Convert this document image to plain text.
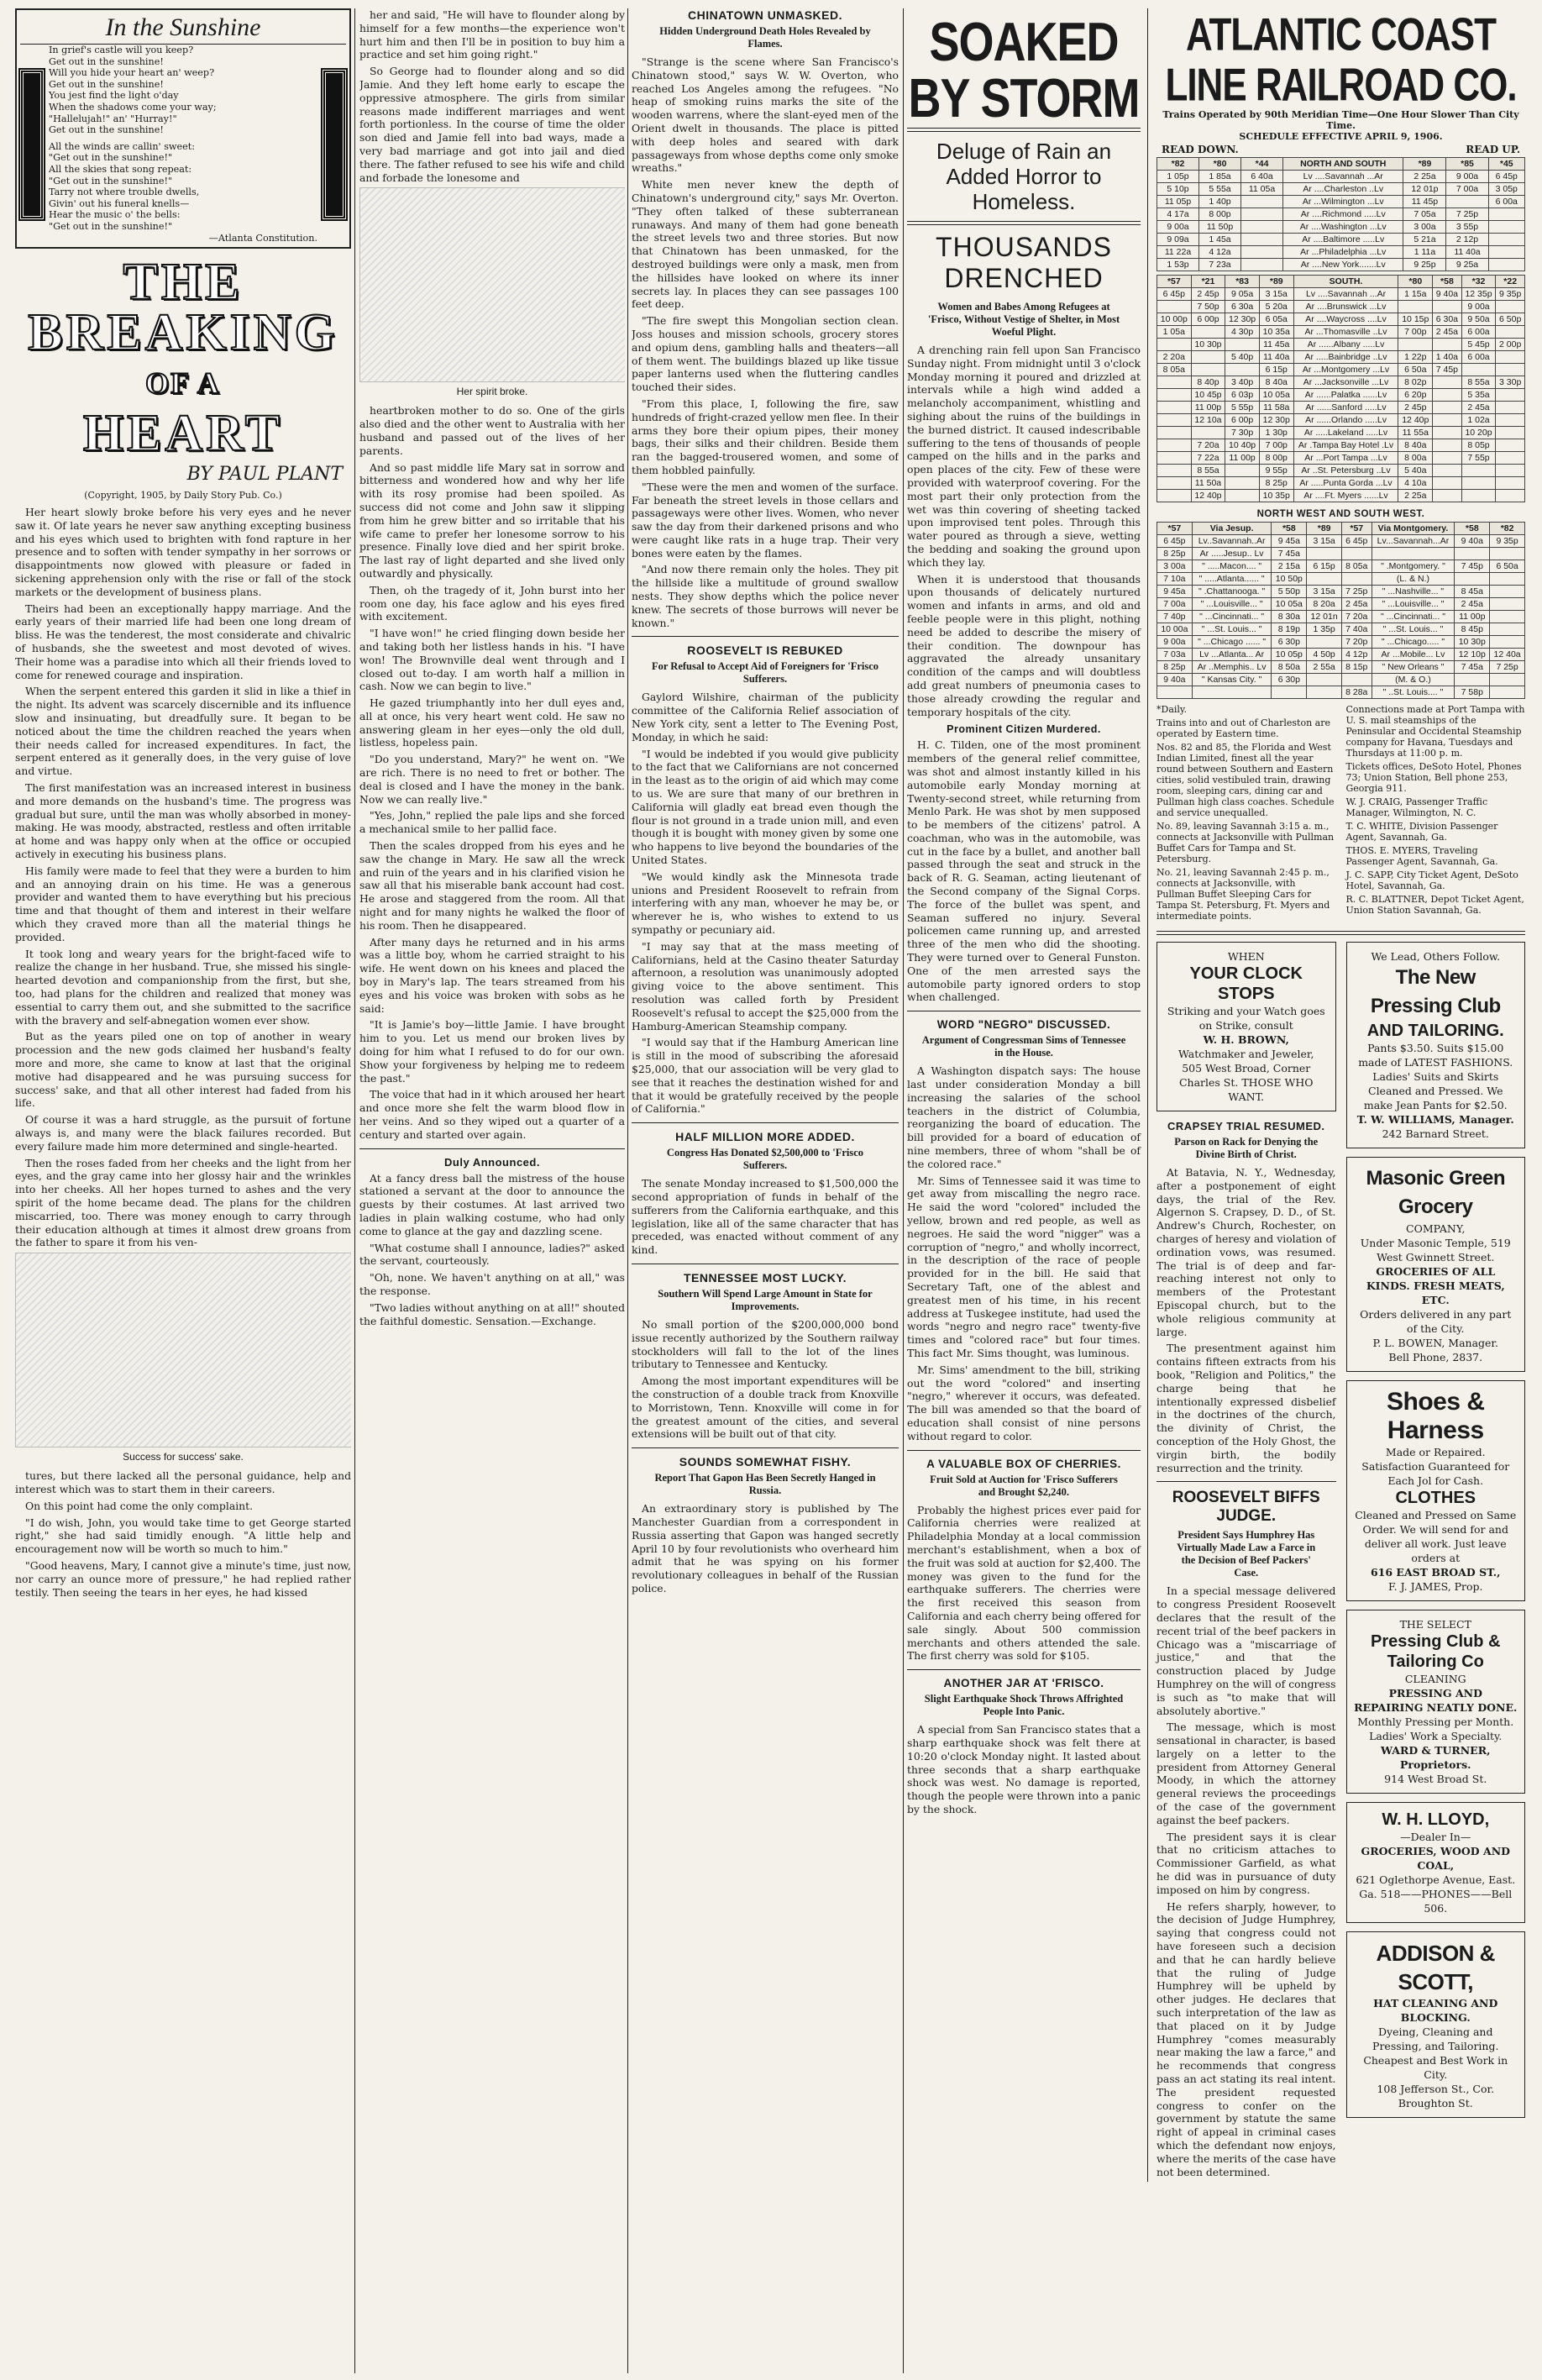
In the Sunshine
In grief's castle will you keep?
Get out in the sunshine!
Will you hide your heart an' weep?
Get out in the sunshine!
You jest find the light o'day
When the shadows come your way;
"Hallelujah!" an' "Hurray!"
Get out in the sunshine!
All the winds are callin' sweet:
"Get out in the sunshine!"
All the skies that song repeat:
"Get out in the sunshine!"
Tarry not where trouble dwells,
Givin' out his funeral knells—
Hear the music o' the bells:
"Get out in the sunshine!"
—Atlanta Constitution.
THE BREAKING
OF A
HEART
BY PAUL PLANT
(Copyright, 1905, by Daily Story Pub. Co.)

Her heart slowly broke before his very eyes and he never saw it. Of late years he never saw anything excepting business and his eyes which used to brighten with fond rapture in her presence and to soften with tender sympathy in her sorrows or disappointments now glowed with pleasure or faded in sickening apprehension only with the rise or fall of the stock markets or the development of business plans.

Theirs had been an exceptionally happy marriage. And the early years of their married life had been one long dream of bliss. He was the tenderest, the most considerate and chivalric of husbands, she the sweetest and most devoted of wives. Their home was a paradise into which all their friends loved to come for renewed courage and inspiration.

When the serpent entered this garden it slid in like a thief in the night. Its advent was scarcely discernible and its influence slow and insinuating, but dreadfully sure. It began to be noticed about the time the children reached the years when their needs called for increased expenditures. In fact, the serpent entered as it generally does, in the very guise of love and virtue.

The first manifestation was an increased interest in business and more demands on the husband's time. The progress was gradual but sure, until the man was wholly absorbed in money-making. He was moody, abstracted, restless and often irritable at home and was happy only when at the office or occupied actively in executing his business plans.

His family were made to feel that they were a burden to him and an annoying drain on his time. He was a generous provider and wanted them to have everything but his precious time and that thought of them and interest in their welfare which they craved more than all the material things he provided.

It took long and weary years for the bright-faced wife to realize the change in her husband. True, she missed his single-hearted devotion and companionship from the first, but she, too, had plans for the children and realized that money was essential to carry them out, and she submitted to the sacrifice with the bravery and self-abnegation women ever show.

But as the years piled one on top of another in weary procession and the new gods claimed her husband's fealty more and more, she came to know at last that the original motive had disappeared and he was pursuing success for success' sake, and that all other interest had faded from his life.

Of course it was a hard struggle, as the pursuit of fortune always is, and many were the black failures recorded. But every failure made him more determined and single-hearted.

Then the roses faded from her cheeks and the light from her eyes, and the gray came into her glossy hair and the wrinkles into her cheeks. All her hopes turned to ashes and the very spirit of the home became dead. The plans for the children miscarried, too. There was money enough to carry through their education although at times it almost drew groans from the father to spare it from his ven-

Success for success' sake.

tures, but there lacked all the personal guidance, help and interest which was to start them in their careers.

On this point had come the only complaint.

"I do wish, John, you would take time to get George started right," she had said timidly enough. "A little help and encouragement now will be worth so much to him."

"Good heavens, Mary, I cannot give a minute's time, just now, nor carry an ounce more of pressure," he had replied rather testily. Then seeing the tears in her eyes, he had kissed

her and said, "He will have to flounder along by himself for a few months—the experience won't hurt him and then I'll be in position to buy him a practice and set him going right."

So George had to flounder along and so did Jamie. And they left home early to escape the oppressive atmosphere. The girls from similar reasons made indifferent marriages and went forth portionless. In the course of time the older son died and Jamie fell into bad ways, made a very bad marriage and got into jail and died there. The father refused to see his wife and child and forbade the lonesome and

Her spirit broke.

heartbroken mother to do so. One of the girls also died and the other went to Australia with her husband and passed out of the lives of her parents.

And so past middle life Mary sat in sorrow and bitterness and wondered how and why her life with its rosy promise had been spoiled. As success did not come and John saw it slipping from him he grew bitter and so irritable that his wife came to prefer her lonesome sorrow to his presence. Finally love died and her spirit broke. The last ray of light departed and she lived only outwardly and physically.

Then, oh the tragedy of it, John burst into her room one day, his face aglow and his eyes fired with excitement.

"I have won!" he cried flinging down beside her and taking both her listless hands in his. "I have won! The Brownville deal went through and I closed out to-day. I am worth half a million in cash. Now we can begin to live."

He gazed triumphantly into her dull eyes and, all at once, his very heart went cold. He saw no answering gleam in her eyes—only the old dull, listless, hopeless pain.

"Do you understand, Mary?" he went on. "We are rich. There is no need to fret or bother. The deal is closed and I have the money in the bank. Now we can really live."

"Yes, John," replied the pale lips and she forced a mechanical smile to her pallid face.

Then the scales dropped from his eyes and he saw the change in Mary. He saw all the wreck and ruin of the years and in his clarified vision he saw all that his miserable bank account had cost. He arose and staggered from the room. All that night and for many nights he walked the floor of his room. Then he disappeared.

After many days he returned and in his arms was a little boy, whom he carried straight to his wife. He went down on his knees and placed the boy in Mary's lap. The tears streamed from his eyes and his voice was broken with sobs as he said:

"It is Jamie's boy—little Jamie. I have brought him to you. Let us mend our broken lives by doing for him what I refused to do for our own. Show your forgiveness by helping me to redeem the past."

The voice that had in it which aroused her heart and once more she felt the warm blood flow in her veins. And so they wiped out a quarter of a century and started over again.

Duly Announced.

At a fancy dress ball the mistress of the house stationed a servant at the door to announce the guests by their costumes. At last arrived two ladies in plain walking costume, who had only come to glance at the gay and dazzling scene.

"What costume shall I announce, ladies?" asked the servant, courteously.

"Oh, none. We haven't anything on at all," was the response.

"Two ladies without anything on at all!" shouted the faithful domestic. Sensation.—Exchange.

CHINATOWN UNMASKED.
Hidden Underground Death Holes Revealed by Flames.

"Strange is the scene where San Francisco's Chinatown stood," says W. W. Overton, who reached Los Angeles among the refugees. "No heap of smoking ruins marks the site of the wooden warrens, where the slant-eyed men of the Orient dwelt in thousands. The place is pitted with deep holes and seared with dark passageways from whose depths come only smoke wreaths."

White men never knew the depth of Chinatown's underground city," says Mr. Overton. "They often talked of these subterranean runaways. And many of them had gone beneath the street levels two and three stories. But now that Chinatown has been unmasked, for the destroyed buildings were only a mask, men from the hillsides have looked on where its inner secrets lay. In places they can see passages 100 feet deep.

"The fire swept this Mongolian section clean. Joss houses and mission schools, grocery stores and opium dens, gambling halls and theaters—all of them went. The buildings blazed up like tissue paper lanterns used when the fluttering candles touched their sides.

"From this place, I, following the fire, saw hundreds of fright-crazed yellow men flee. In their arms they bore their opium pipes, their money bags, their silks and their children. Beside them ran the bagged-trousered women, and some of them hobbled painfully.

"These were the men and women of the surface. Far beneath the street levels in those cellars and passageways were other lives. Women, who never saw the day from their darkened prisons and who were caught like rats in a huge trap. Their very bones were eaten by the flames.

"And now there remain only the holes. They pit the hillside like a multitude of ground swallow nests. They show depths which the police never knew. The secrets of those burrows will never be known."

ROOSEVELT IS REBUKED
For Refusal to Accept Aid of Foreigners for 'Frisco Sufferers.

Gaylord Wilshire, chairman of the publicity committee of the California Relief association of New York city, sent a letter to The Evening Post, Monday, in which he said:

"I would be indebted if you would give publicity to the fact that we Californians are not concerned in the least as to the origin of aid which may come to us. We are sure that many of our brethren in California will gladly eat bread even though the flour is not ground in a trade union mill, and even though it is bought with money given by some one who happens to live beyond the boundaries of the United States.

"We would kindly ask the Minnesota trade unions and President Roosevelt to refrain from interfering with any man, whoever he may be, or wherever he is, who wishes to extend to us sympathy or pecuniary aid.

"I may say that at the mass meeting of Californians, held at the Casino theater Saturday afternoon, a resolution was unanimously adopted giving voice to the above sentiment. This resolution was called forth by President Roosevelt's refusal to accept the $25,000 from the Hamburg-American Steamship company.

"I would say that if the Hamburg American line is still in the mood of subscribing the aforesaid $25,000, that our association will be very glad to see that it reaches the destination wished for and that it would be gratefully received by the people of California."

HALF MILLION MORE ADDED.
Congress Has Donated $2,500,000 to 'Frisco Sufferers.

The senate Monday increased to $1,500,000 the second appropriation of funds in behalf of the sufferers from the California earthquake, and this legislation, like all of the same character that has preceded, was enacted without comment of any kind.

TENNESSEE MOST LUCKY.
Southern Will Spend Large Amount in State for Improvements.

No small portion of the $200,000,000 bond issue recently authorized by the Southern railway stockholders will fall to the lot of the lines tributary to Tennessee and Kentucky.

Among the most important expenditures will be the construction of a double track from Knoxville to Morristown, Tenn. Knoxville will come in for the greatest amount of the cities, and several extensions will be built out of that city.

SOUNDS SOMEWHAT FISHY.
Report That Gapon Has Been Secretly Hanged in Russia.

An extraordinary story is published by The Manchester Guardian from a correspondent in Russia asserting that Gapon was hanged secretly April 10 by four revolutionists who overheard him admit that he was spying on his former revolutionary colleagues in behalf of the Russian police.

SOAKED BY STORM
Deluge of Rain an Added Horror to Homeless.
THOUSANDS DRENCHED
Women and Babes Among Refugees at 'Frisco, Without Vestige of Shelter, in Most Woeful Plight.

A drenching rain fell upon San Francisco Sunday night. From midnight until 3 o'clock Monday morning it poured and drizzled at intervals while a high wind added a melancholy accompaniment, whistling and sighing about the ruins of the buildings in the burned district. It caused indescribable suffering to the tens of thousands of people camped on the hills and in the parks and open places of the city. Few of these were provided with waterproof covering. For the most part their only protection from the wet was thin covering of sheeting tacked upon improvised tent poles. Through this water poured as through a sieve, wetting the bedding and soaking the ground upon which they lay.

When it is understood that thousands upon thousands of delicately nurtured women and infants in arms, and old and feeble people were in this plight, nothing need be added to describe the misery of their condition. The downpour has aggravated the already unsanitary condition of the camps and will doubtless add great numbers of pneumonia cases to those already crowding the regular and temporary hospitals of the city.

Prominent Citizen Murdered.

H. C. Tilden, one of the most prominent members of the general relief committee, was shot and almost instantly killed in his automobile early Monday morning at Twenty-second street, while returning from Menlo Park. He was shot by men supposed to be members of the citizens' patrol. A coachman, who was in the automobile, was cut in the face by a bullet, and another ball passed through the seat and struck in the back of R. G. Seaman, acting lieutenant of the Second company of the Signal Corps. The force of the bullet was spent, and Seaman suffered no injury. Several policemen came running up, and arrested three of the men who did the shooting. They were turned over to General Funston. One of the men arrested says the automobile party ignored orders to stop when challenged.

WORD "NEGRO" DISCUSSED.
Argument of Congressman Sims of Tennessee in the House.

A Washington dispatch says: The house last under consideration Monday a bill increasing the salaries of the school teachers in the district of Columbia, reorganizing the board of education. The bill provided for a board of education of nine members, three of whom "shall be of the colored race."

Mr. Sims of Tennessee said it was time to get away from miscalling the negro race. He said the word "colored" included the yellow, brown and red people, as well as negroes. He said the word "nigger" was a corruption of "negro," and wholly incorrect, in the description of the race of people provided for in the bill. He said that Secretary Taft, one of the ablest and greatest men of his time, in his recent address at Tuskegee institute, had used the words "negro and negro race" twenty-five times and "colored race" but four times. This fact Mr. Sims thought, was luminous.

Mr. Sims' amendment to the bill, striking out the word "colored" and inserting "negro," wherever it occurs, was defeated. The bill was amended so that the board of education shall consist of nine persons without regard to color.

A VALUABLE BOX OF CHERRIES.
Fruit Sold at Auction for 'Frisco Sufferers and Brought $2,240.

Probably the highest prices ever paid for California cherries were realized at Philadelphia Monday at a local commission merchant's establishment, when a box of the fruit was sold at auction for $2,400. The money was given to the fund for the earthquake sufferers. The cherries were the first received this season from California and each cherry being offered for sale singly. About 500 commission merchants and others attended the sale. The first cherry was sold for $105.

ANOTHER JAR AT 'FRISCO.
Slight Earthquake Shock Throws Affrighted People Into Panic.

A special from San Francisco states that a sharp earthquake shock was felt there at 10:20 o'clock Monday night. It lasted about three seconds that a sharp earthquake shock was west. No damage is reported, though the people were thrown into a panic by the shock.

ATLANTIC COAST LINE RAILROAD CO.
Trains Operated by 90th Meridian Time—One Hour Slower Than City Time.
SCHEDULE EFFECTIVE APRIL 9, 1906.
READ DOWN.	READ UP.
*82	*80	*44	NORTH AND SOUTH	*89	*85	*45
1 05p	1 85a	6 40a	Lv ....Savannah ...Ar	2 25a	9 00a	6 45p
5 10p	5 55a	11 05a	Ar ....Charleston ..Lv	12 01p	7 00a	3 05p
11 05p	1 40p		Ar ...Wilmington ...Lv	11 45p		6 00a
4 17a	8 00p		Ar ....Richmond .....Lv	7 05a	7 25p	
9 00a	11 50p		Ar ....Washington ...Lv	3 00a	3 55p	
9 09a	1 45a		Ar ....Baltimore .....Lv	5 21a	2 12p	
11 22a	4 12a		Ar ...Philadelphia ...Lv	1 11a	11 40a	
1 53p	7 23a		Ar ....New York.......Lv	9 25p	9 25a	
*57	*21	*83	*89	SOUTH.	*80	*58	*32	*22
6 45p	2 45p	9 05a	3 15a	Lv ....Savannah ...Ar	1 15a	9 40a	12 35p	9 35p
	7 50p	6 30a	5 20a	Ar ....Brunswick ...Lv			9 00a	
10 00p	6 00p	12 30p	6 05a	Ar ....Waycross ....Lv	10 15p	6 30a	9 50a	6 50p
1 05a		4 30p	10 35a	Ar ...Thomasville ..Lv	7 00p	2 45a	6 00a	
	10 30p		11 45a	Ar ......Albany .....Lv			5 45p	2 00p
2 20a		5 40p	11 40a	Ar .....Bainbridge ..Lv	1 22p	1 40a	6 00a	
8 05a			6 15p	Ar ...Montgomery ...Lv	6 50a	7 45p		
	8 40p	3 40p	8 40a	Ar ...Jacksonville ...Lv	8 02p		8 55a	3 30p
	10 45p	6 03p	10 05a	Ar ......Palatka ......Lv	6 20p		5 35a	
	11 00p	5 55p	11 58a	Ar ......Sanford .....Lv	2 45p		2 45a	
	12 10a	6 00p	12 30p	Ar ......Orlando .....Lv	12 40p		1 02a	
		7 30p	1 30p	Ar .....Lakeland .....Lv	11 55a		10 20p	
	7 20a	10 40p	7 00p	Ar .Tampa Bay Hotel .Lv	8 40a		8 05p	
	7 22a	11 00p	8 00p	Ar ...Port Tampa ...Lv	8 00a		7 55p	
	8 55a		9 55p	Ar ..St. Petersburg ..Lv	5 40a			
	11 50a		8 25p	Ar .....Punta Gorda ...Lv	4 10a			
	12 40p		10 35p	Ar ....Ft. Myers ......Lv	2 25a			
NORTH WEST AND SOUTH WEST.
*57	Via Jesup.	*58	*89	*57	Via Montgomery.	*58	*82
6 45p	Lv..Savannah..Ar	9 45a	3 15a	6 45p	Lv...Savannah...Ar	9 40a	9 35p
8 25p	Ar .....Jesup.. Lv	7 45a					
3 00a	" .....Macon.... "	2 15a	6 15p	8 05a	" .Montgomery. "	7 45p	6 50a
7 10a	" .....Atlanta...... "	10 50p			(L. & N.)		
9 45a	" .Chattanooga. "	5 50p	3 15a	7 25p	" ...Nashville... "	8 45a	
7 00a	" ...Louisville... "	10 05a	8 20a	2 45a	" ...Louisville... "	2 45a	
7 40p	" ...Cincinnati... "	8 30a	12 01n	7 20a	" ...Cincinnati... "	11 00p	
10 00a	" ...St. Louis... "	8 19p	1 35p	7 40a	" ...St. Louis... "	8 45p	
9 00a	" ...Chicago ...... "	6 30p		7 20p	" ...Chicago..... "	10 30p	
7 03a	Lv ...Atlanta... Ar	10 05p	4 50p	4 12p	Ar ...Mobile... Lv	12 10p	12 40a
8 25p	Ar ..Memphis.. Lv	8 50a	2 55a	8 15p	" New Orleans "	7 45a	7 25p
9 40a	" Kansas City. "	6 30p			(M. & O.)		
				8 28a	" ..St. Louis.... "	7 58p	
*Daily.
Trains into and out of Charleston are operated by Eastern time.
Nos. 82 and 85, the Florida and West Indian Limited, finest all the year round between Southern and Eastern cities, solid vestibuled train, drawing room, sleeping cars, dining car and Pullman high class coaches. Schedule and service unequalled.
No. 89, leaving Savannah 3:15 a. m., connects at Jacksonville with Pullman Buffet Cars for Tampa and St. Petersburg.
No. 21, leaving Savannah 2:45 p. m., connects at Jacksonville, with Pullman Buffet Sleeping Cars for Tampa St. Petersburg, Ft. Myers and intermediate points.
Connections made at Port Tampa with U. S. mail steamships of the Peninsular and Occidental Steamship company for Havana, Tuesdays and Thursdays at 11:00 p. m.
Tickets offices, DeSoto Hotel, Phones 73; Union Station, Bell phone 253, Georgia 911.
W. J. CRAIG, Passenger Traffic Manager, Wilmington, N. C.
T. C. WHITE, Division Passenger Agent, Savannah, Ga.
THOS. E. MYERS, Traveling Passenger Agent, Savannah, Ga.
J. C. SAPP, City Ticket Agent, DeSoto Hotel, Savannah, Ga.
R. C. BLATTNER, Depot Ticket Agent, Union Station Savannah, Ga.
WHEN
YOUR CLOCK STOPS
Striking and your Watch goes on Strike, consult
W. H. BROWN,
Watchmaker and Jeweler,
505 West Broad, Corner Charles St. THOSE WHO WANT.
CRAPSEY TRIAL RESUMED.
Parson on Rack for Denying the Divine Birth of Christ.

At Batavia, N. Y., Wednesday, after a postponement of eight days, the trial of the Rev. Algernon S. Crapsey, D. D., of St. Andrew's Church, Rochester, on charges of heresy and violation of ordination vows, was resumed. The trial is of deep and far-reaching interest not only to members of the Protestant Episcopal church, but to the whole religious community at large.

The presentment against him contains fifteen extracts from his book, "Religion and Politics," the charge being that he intentionally expressed disbelief in the doctrines of the church, the divinity of Christ, the conception of the Holy Ghost, the virgin birth, the bodily resurrection and the trinity.

ROOSEVELT BIFFS JUDGE.
President Says Humphrey Has Virtually Made Law a Farce in the Decision of Beef Packers' Case.

In a special message delivered to congress President Roosevelt declares that the result of the recent trial of the beef packers in Chicago was a "miscarriage of justice," and that the construction placed by Judge Humphrey on the will of congress is such as "to make that will absolutely abortive."

The message, which is most sensational in character, is based largely on a letter to the president from Attorney General Moody, in which the attorney general reviews the proceedings of the case of the government against the beef packers.

The president says it is clear that no criticism attaches to Commissioner Garfield, as what he did was in pursuance of duty imposed on him by congress.

He refers sharply, however, to the decision of Judge Humphrey, saying that congress could not have foreseen such a decision and that he can hardly believe that the ruling of Judge Humphrey will be upheld by other judges. He declares that such interpretation of the law as that placed on it by Judge Humphrey "comes measurably near making the law a farce," and he recommends that congress pass an act stating its real intent. The president requested congress to confer on the government by statute the same right of appeal in criminal cases which the defendant now enjoys, where the merits of the case have not been determined.

We Lead, Others Follow.
The New Pressing Club
AND TAILORING.
Pants $3.50. Suits $15.00 made of LATEST FASHIONS.
Ladies' Suits and Skirts Cleaned and Pressed. We make Jean Pants for $2.50.
T. W. WILLIAMS, Manager.
242 Barnard Street.
Masonic Green Grocery
COMPANY,
Under Masonic Temple, 519 West Gwinnett Street.
GROCERIES OF ALL KINDS. FRESH MEATS, ETC.
Orders delivered in any part of the City.
P. L. BOWEN, Manager.
Bell Phone, 2837.
Shoes & Harness
Made or Repaired.
Satisfaction Guaranteed for Each Jol for Cash.
CLOTHES
Cleaned and Pressed on Same Order. We will send for and deliver all work. Just leave orders at
616 EAST BROAD ST.,
F. J. JAMES, Prop.
THE SELECT
Pressing Club & Tailoring Co
CLEANING
PRESSING AND REPAIRING NEATLY DONE.
Monthly Pressing per Month. Ladies' Work a Specialty.
WARD & TURNER, Proprietors.
914 West Broad St.
W. H. LLOYD,
—Dealer In—
GROCERIES, WOOD AND COAL,
621 Oglethorpe Avenue, East.
Ga. 518——PHONES——Bell 506.
ADDISON & SCOTT,
HAT CLEANING AND BLOCKING.
Dyeing, Cleaning and Pressing, and Tailoring.
Cheapest and Best Work in City.
108 Jefferson St., Cor. Broughton St.
